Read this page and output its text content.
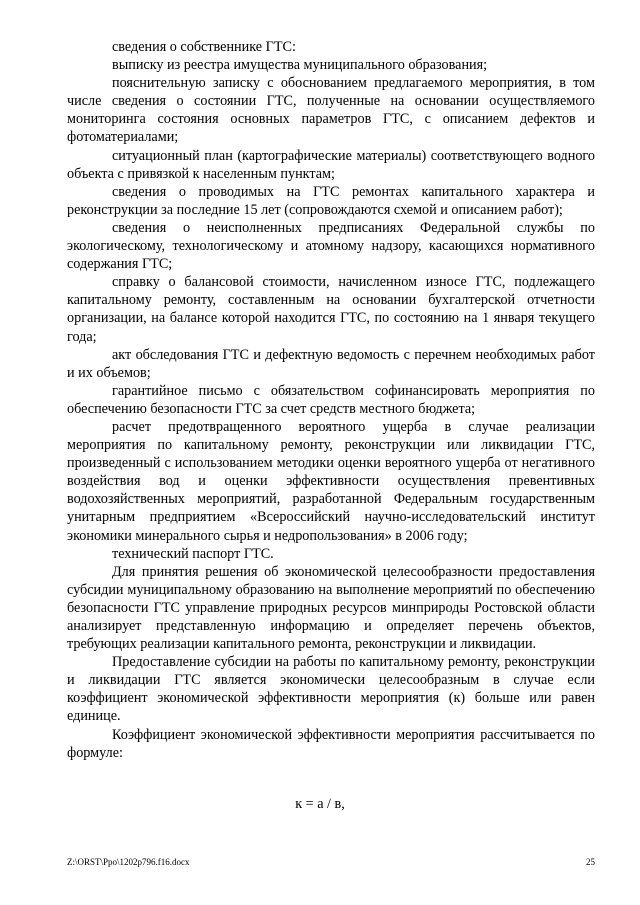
сведения о собственнике ГТС:

выписку из реестра имущества муниципального образования;

пояснительную записку с обоснованием предлагаемого мероприятия, в том числе сведения о состоянии ГТС, полученные на основании осуществляемого мониторинга состояния основных параметров ГТС, с описанием дефектов и фотоматериалами;

ситуационный план (картографические материалы) соответствующего водного объекта с привязкой к населенным пунктам;

сведения о проводимых на ГТС ремонтах капитального характера и реконструкции за последние 15 лет (сопровождаются схемой и описанием работ);

сведения о неисполненных предписаниях Федеральной службы по экологическому, технологическому и атомному надзору, касающихся нормативного содержания ГТС;

справку о балансовой стоимости, начисленном износе ГТС, подлежащего капитальному ремонту, составленным на основании бухгалтерской отчетности организации, на балансе которой находится ГТС, по состоянию на 1 января текущего года;

акт обследования ГТС и дефектную ведомость с перечнем необходимых работ и их объемов;

гарантийное письмо с обязательством софинансировать мероприятия по обеспечению безопасности ГТС за счет средств местного бюджета;

расчет предотвращенного вероятного ущерба в случае реализации мероприятия по капитальному ремонту, реконструкции или ликвидации ГТС, произведенный с использованием методики оценки вероятного ущерба от негативного воздействия вод и оценки эффективности осуществления превентивных водохозяйственных мероприятий, разработанной Федеральным государственным унитарным предприятием «Всероссийский научно-исследовательский институт экономики минерального сырья и недропользования» в 2006 году;

технический паспорт ГТС.

Для принятия решения об экономической целесообразности предоставления субсидии муниципальному образованию на выполнение мероприятий по обеспечению безопасности ГТС управление природных ресурсов минприроды Ростовской области анализирует представленную информацию и определяет перечень объектов, требующих реализации капитального ремонта, реконструкции и ликвидации.

Предоставление субсидии на работы по капитальному ремонту, реконструкции и ликвидации ГТС является экономически целесообразным в случае если коэффициент экономической эффективности мероприятия (к) больше или равен единице.

Коэффициент экономической эффективности мероприятия рассчитывается по формуле:

к = а / в,
Z:\ORST\Ppo\1202p796.f16.docx	25
